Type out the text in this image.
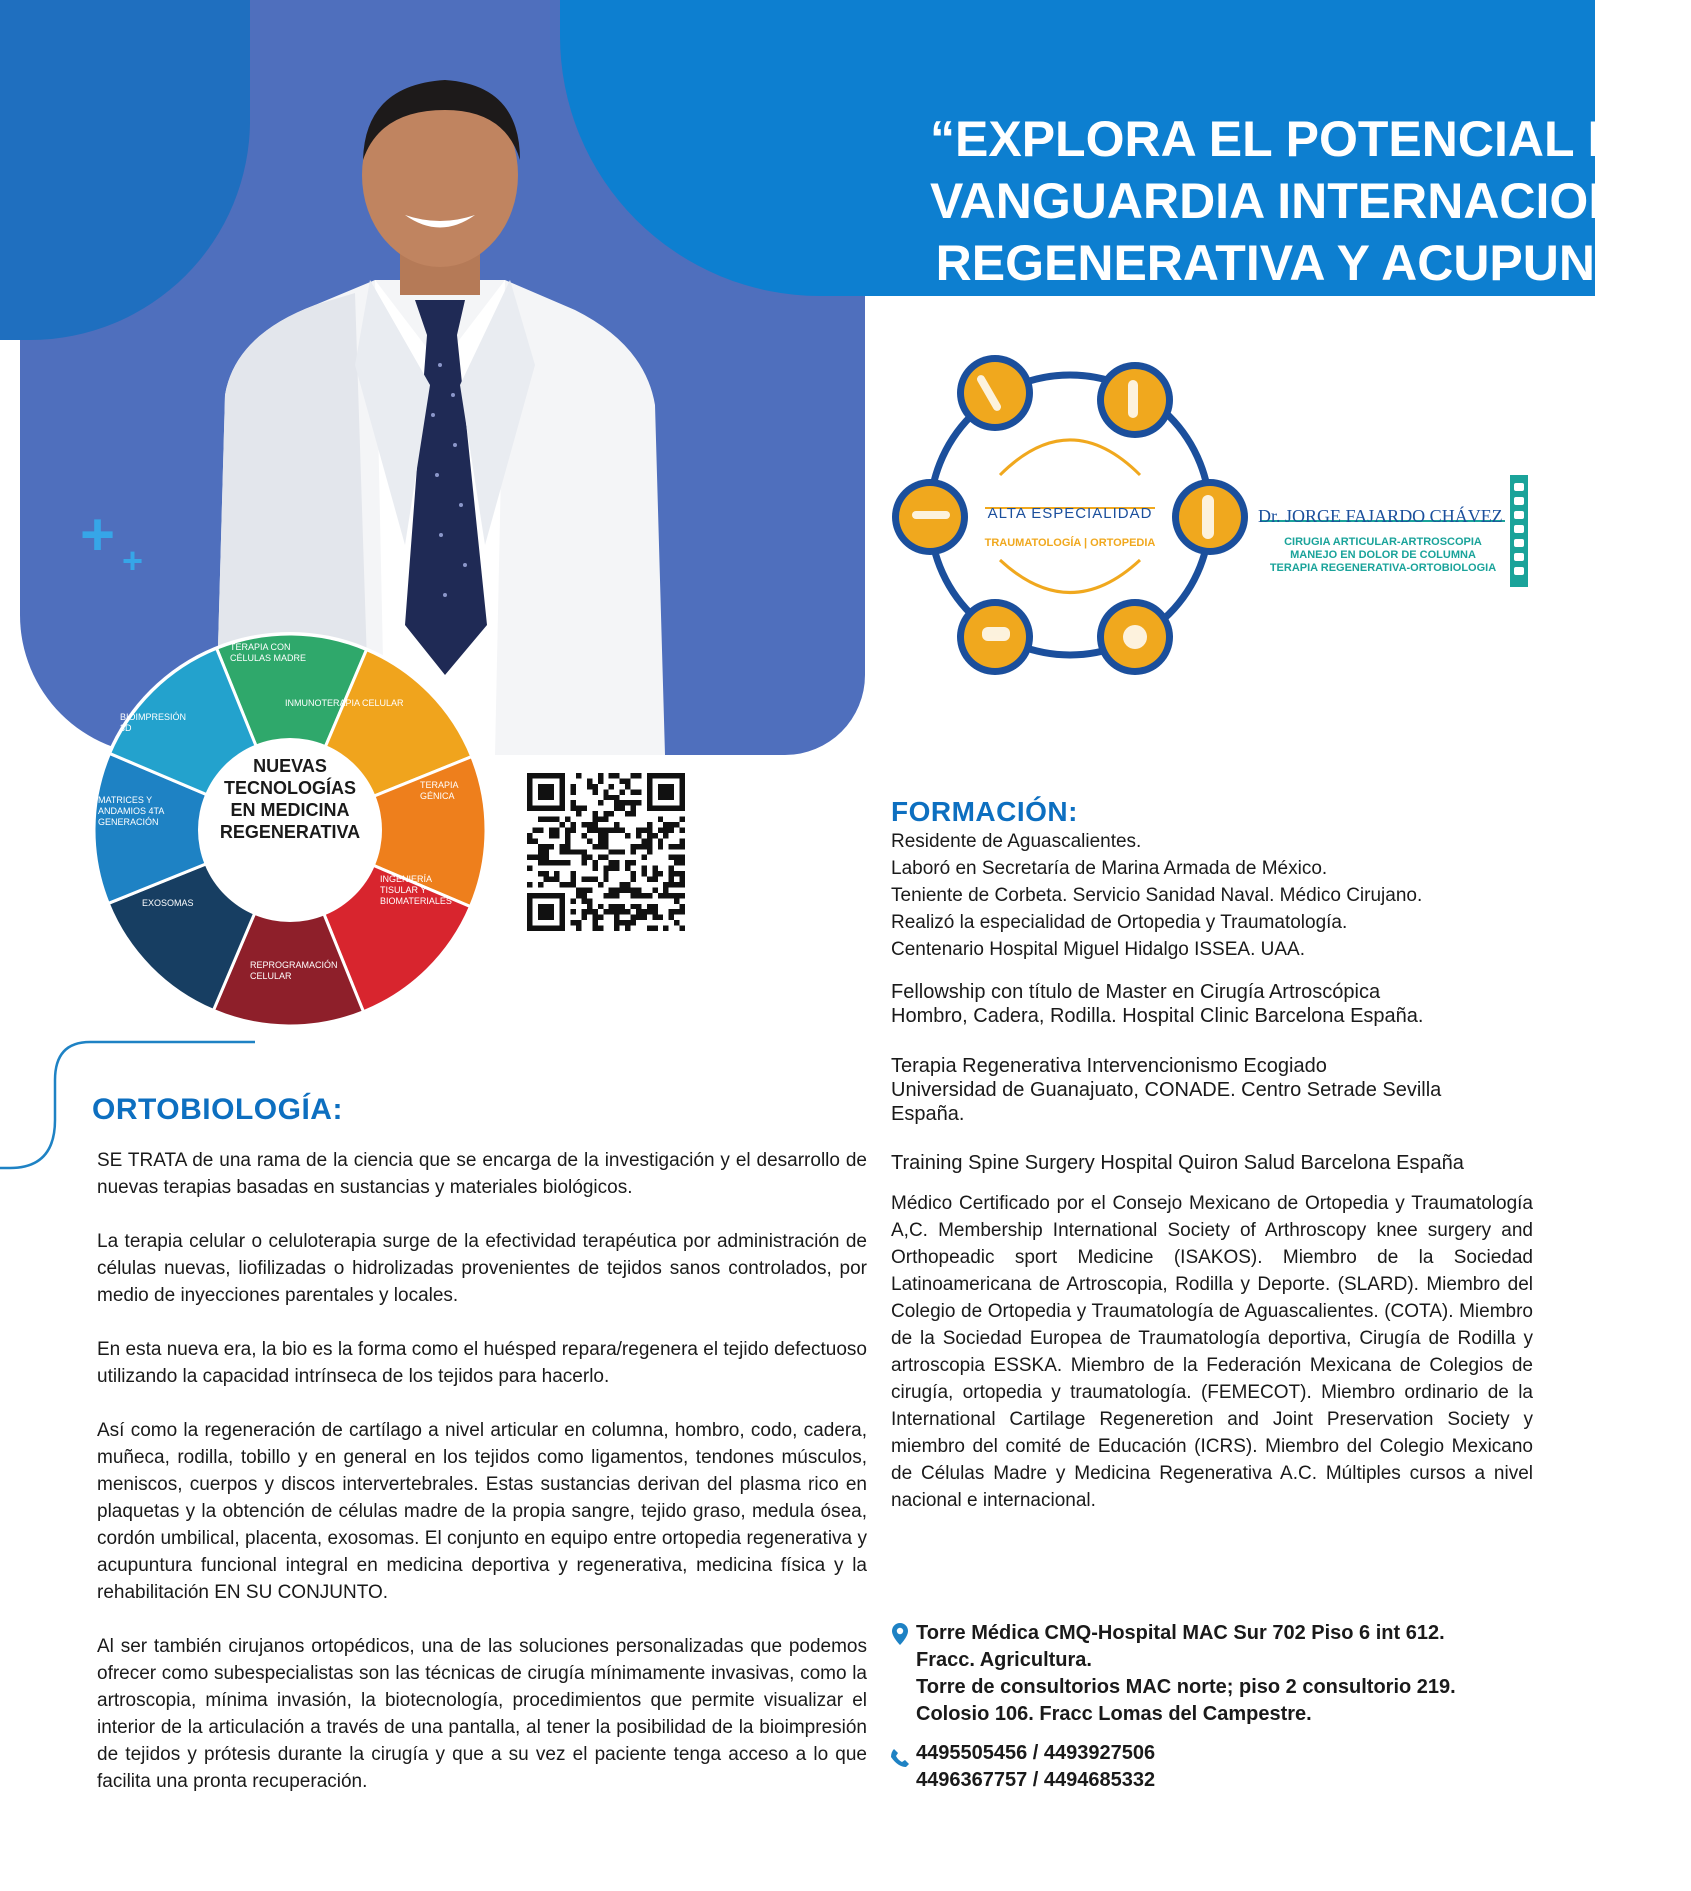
“EXPLORA EL POTENCIAL DE
VANGUARDIA INTERNACIONAL
REGENERATIVA Y ACUPUN
+ +
NUEVAS
TECNOLOGÍAS
EN MEDICINA
REGENERATIVA
TERAPIA CON CÉLULAS MADRE
INMUNOTERAPIA CELULAR
TERAPIA GÉNICA
INGENIERÍA TISULAR Y BIOMATERIALES
REPROGRAMACIÓN CELULAR
EXOSOMAS
MATRICES Y ANDAMIOS 4TA GENERACIÓN
BIOIMPRESIÓN 3D
ALTA ESPECIALIDAD
TRAUMATOLOGÍA | ORTOPEDIA
Dr. JORGE FAJARDO CHÁVEZ
CIRUGIA ARTICULAR-ARTROSCOPIA
MANEJO EN DOLOR DE COLUMNA
TERAPIA REGENERATIVA-ORTOBIOLOGIA
ORTOBIOLOGÍA:

SE TRATA de una rama de la ciencia que se encarga de la investigación y el desarrollo de nuevas terapias basadas en sustancias y materiales biológicos.

La terapia celular o celuloterapia surge de la efectividad terapéutica por administración de células nuevas, liofilizadas o hidrolizadas provenientes de tejidos sanos controlados, por medio de inyecciones parentales y locales.

En esta nueva era, la bio es la forma como el huésped repara/regenera el tejido defectuoso utilizando la capacidad intrínseca de los tejidos para hacerlo.

Así como la regeneración de cartílago a nivel articular en columna, hombro, codo, cadera, muñeca, rodilla, tobillo y en general en los tejidos como ligamentos, tendones músculos, meniscos, cuerpos y discos intervertebrales. Estas sustancias derivan del plasma rico en plaquetas y la obtención de células madre de la propia sangre, tejido graso, medula ósea, cordón umbilical, placenta, exosomas. El conjunto en equipo entre ortopedia regenerativa y acupuntura funcional integral en medicina deportiva y regenerativa, medicina física y la rehabilitación EN SU CONJUNTO.

Al ser también cirujanos ortopédicos, una de las soluciones personalizadas que podemos ofrecer como subespecialistas son las técnicas de cirugía mínimamente invasivas, como la artroscopia, mínima invasión, la biotecnología, procedimientos que permite visualizar el interior de la articulación a través de una pantalla, al tener la posibilidad de la bioimpresión de tejidos y prótesis durante la cirugía y que a su vez el paciente tenga acceso a lo que facilita una pronta recuperación.

FORMACIÓN:
Residente de Aguascalientes.
Laboró en Secretaría de Marina Armada de México.
Teniente de Corbeta. Servicio Sanidad Naval. Médico Cirujano.
Realizó la especialidad de Ortopedia y Traumatología.
Centenario Hospital Miguel Hidalgo ISSEA. UAA.
Fellowship con título de Master en Cirugía Artroscópica
Hombro, Cadera, Rodilla. Hospital Clinic Barcelona España.
Terapia Regenerativa Intervencionismo Ecogiado
Universidad de Guanajuato, CONADE. Centro Setrade Sevilla
España.
Training Spine Surgery Hospital Quiron Salud Barcelona España
Médico Certificado por el Consejo Mexicano de Ortopedia y Traumatología A,C. Membership International Society of Arthroscopy knee surgery and Orthopeadic sport Medicine (ISAKOS). Miembro de la Sociedad Latinoamericana de Artroscopia, Rodilla y Deporte. (SLARD). Miembro del Colegio de Ortopedia y Traumatología de Aguascalientes. (COTA). Miembro de la Sociedad Europea de Traumatología deportiva, Cirugía de Rodilla y artroscopia ESSKA. Miembro de la Federación Mexicana de Colegios de cirugía, ortopedia y traumatología. (FEMECOT). Miembro ordinario de la International Cartilage Regeneretion and Joint Preservation Society y miembro del comité de Educación (ICRS). Miembro del Colegio Mexicano de Células Madre y Medicina Regenerativa A.C. Múltiples cursos a nivel nacional e internacional.
Torre Médica CMQ-Hospital MAC Sur 702 Piso 6 int 612.
Fracc. Agricultura.
Torre de consultorios MAC norte; piso 2 consultorio 219.
Colosio 106. Fracc Lomas del Campestre.
4495505456 / 4493927506
4496367757 / 4494685332
